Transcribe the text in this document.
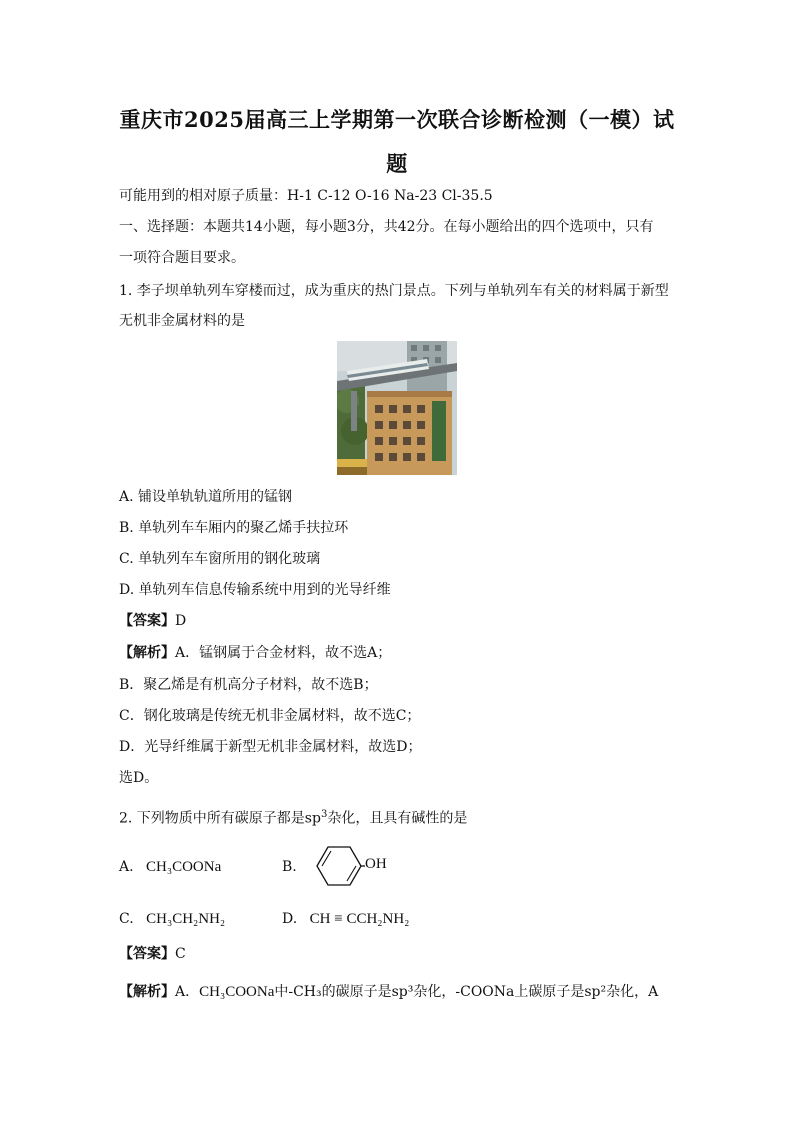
重庆市2025届高三上学期第一次联合诊断检测（一模）试
题
可能用到的相对原子质量：H-1 C-12 O-16 Na-23 Cl-35.5
一、选择题：本题共14小题，每小题3分，共42分。在每小题给出的四个选项中，只有
一项符合题目要求。
1. 李子坝单轨列车穿楼而过，成为重庆的热门景点。下列与单轨列车有关的材料属于新型
无机非金属材料的是
A. 铺设单轨轨道所用的锰钢
B. 单轨列车车厢内的聚乙烯手扶拉环
C. 单轨列车车窗所用的钢化玻璃
D. 单轨列车信息传输系统中用到的光导纤维
【答案】D
【解析】A．锰钢属于合金材料，故不选A；
B．聚乙烯是有机高分子材料，故不选B；
C．钢化玻璃是传统无机非金属材料，故不选C；
D．光导纤维属于新型无机非金属材料，故选D；
选D。
2. 下列物质中所有碳原子都是$sp^3$杂化，且具有碱性的是
A. CH₃COONa	B.	OH
C. CH₃CH₂NH₂	D. CH ≡ CCH₂NH₂
【答案】C
【解析】A．CH₃COONa中-CH₃的碳原子是sp³杂化，-COONa上碳原子是sp²杂化，A
